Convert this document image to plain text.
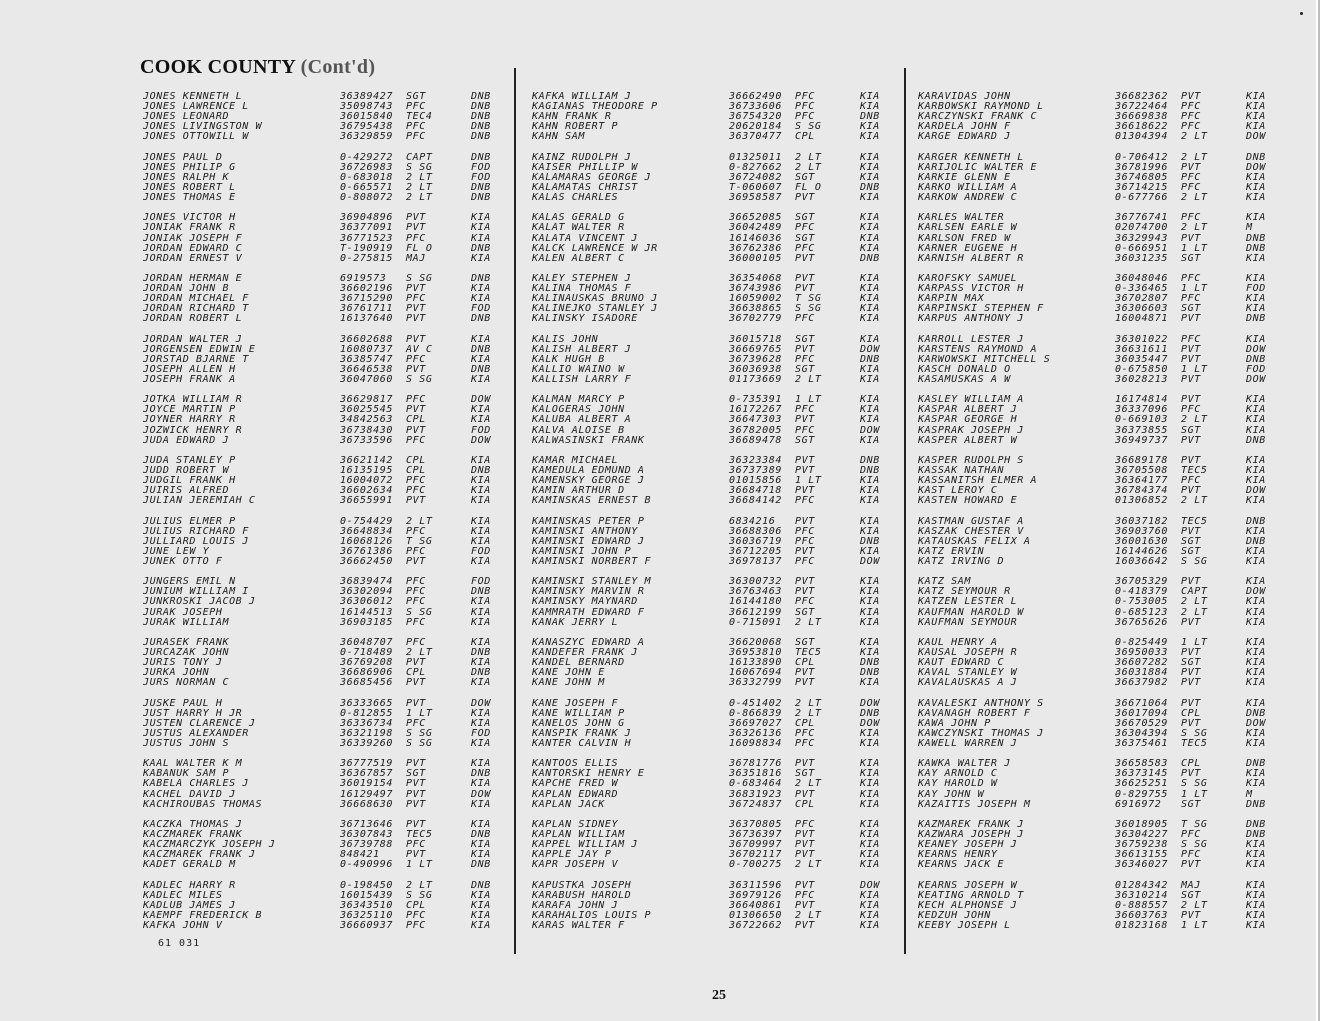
COOK COUNTY (Cont'd)
JONES KENNETH L	36389427 SGT	DNB
JONES LAWRENCE L	35098743 PFC	DNB
JONES LEONARD	36015840 TEC4	DNB
JONES LIVINGSTON W	36795438 PFC	DNB
JONES OTTOWILL W	36329859 PFC	DNB
JONES PAUL D	0-429272 CAPT	DNB
JONES PHILIP G	36726983 S SG	FOD
JONES RALPH K	0-683018 2 LT	FOD
JONES ROBERT L	0-665571 2 LT	DNB
JONES THOMAS E	0-808072 2 LT	DNB
JONES VICTOR H	36904896 PVT	KIA
JONIAK FRANK R	36377091 PVT	KIA
JONIAK JOSEPH F	36771523 PFC	KIA
JORDAN EDWARD C	T-190919 FL O	DNB
JORDAN ERNEST V	0-275815 MAJ	KIA
JORDAN HERMAN E	6919573 S SG	DNB
JORDAN JOHN B	36602196 PVT	KIA
JORDAN MICHAEL F	36715290 PFC	KIA
JORDAN RICHARD T	36761711 PVT	FOD
JORDAN ROBERT L	16137640 PVT	DNB
JORDAN WALTER J	36602688 PVT	KIA
JORGENSEN EDWIN E	16080737 AV C	DNB
JORSTAD BJARNE T	36385747 PFC	KIA
JOSEPH ALLEN H	36646538 PVT	DNB
JOSEPH FRANK A	36047060 S SG	KIA
JOTKA WILLIAM R	36629817 PFC	DOW
JOYCE MARTIN P	36025545 PVT	KIA
JOYNER HARRY R	34842563 CPL	KIA
JOZWICK HENRY R	36738430 PVT	FOD
JUDA EDWARD J	36733596 PFC	DOW
JUDA STANLEY P	36621142 CPL	KIA
JUDD ROBERT W	16135195 CPL	DNB
JUDGIL FRANK H	16004072 PFC	KIA
JUIRIS ALFRED	36602634 PFC	KIA
JULIAN JEREMIAH C	36655991 PVT	KIA
JULIUS ELMER P	0-754429 2 LT	KIA
JULIUS RICHARD F	36648834 PFC	KIA
JULLIARD LOUIS J	16068126 T SG	KIA
JUNE LEW Y	36761386 PFC	FOD
JUNEK OTTO F	36662450 PVT	KIA
JUNGERS EMIL N	36839474 PFC	FOD
JUNIUM WILLIAM I	36302094 PFC	DNB
JUNKROSKI JACOB J	36306012 PFC	KIA
JURAK JOSEPH	16144513 S SG	KIA
JURAK WILLIAM	36903185 PFC	KIA
JURASEK FRANK	36048707 PFC	KIA
JURCAZAK JOHN	0-718489 2 LT	DNB
JURIS TONY J	36769208 PVT	KIA
JURKA JOHN	36686906 CPL	DNB
JURS NORMAN C	36685456 PVT	KIA
JUSKE PAUL H	36333665 PVT	DOW
JUST HARRY H JR	0-812855 1 LT	KIA
JUSTEN CLARENCE J	36336734 PFC	KIA
JUSTUS ALEXANDER	36321198 S SG	FOD
JUSTUS JOHN S	36339260 S SG	KIA
KAAL WALTER K M	36777519 PVT	KIA
KABANUK SAM P	36367857 SGT	DNB
KABELA CHARLES J	36019154 PVT	KIA
KACHEL DAVID J	16129497 PVT	DOW
KACHIROUBAS THOMAS	36668630 PVT	KIA
KACZKA THOMAS J	36713646 PVT	KIA
KACZMAREK FRANK	36307843 TEC5	DNB
KACZMARCZYK JOSEPH J	36739788 PFC	KIA
KACZMAREK FRANK J	848421	PVT	KIA
KADET GERALD M	0-490996 1 LT	DNB
KADLEC HARRY R	0-198450 2 LT	DNB
KADLEC MILES	16015439 S SG	KIA
KADLUB JAMES J	36343510 CPL	KIA
KAEMPF FREDERICK B	36325110 PFC	KIA
KAFKA JOHN V	36660937 PFC	KIA
KAFKA WILLIAM J	36662490 PFC	KIA
KAGIANAS THEODORE P	36733606 PFC	KIA
KAHN FRANK R	36754320 PFC	DNB
KAHN ROBERT P	20620184 S SG	KIA
KAHN SAM	36370477 CPL	KIA
KAINZ RUDOLPH J	01325011 2 LT	KIA
KAISER PHILLIP W	0-827662 2 LT	KIA
KALAMARAS GEORGE J	36724082 SGT	KIA
KALAMATAS CHRIST	T-060607 FL O	DNB
KALAS CHARLES	36958587 PVT	KIA
KALAS GERALD G	36652085 SGT	KIA
KALAT WALTER R	36042489 PFC	KIA
KALATA VINCENT J	16146036 SGT	KIA
KALCK LAWRENCE W JR	36762386 PFC	KIA
KALEN ALBERT C	36000105 PVT	DNB
KALEY STEPHEN J	36354068 PVT	KIA
KALINA THOMAS F	36743986 PVT	KIA
KALINAUSKAS BRUNO J	16059002 T SG	KIA
KALINEJKO STANLEY J	36638865 S SG	KIA
KALINSKY ISADORE	36702779 PFC	KIA
KALIS JOHN	36015718 SGT	KIA
KALISH ALBERT J	36669765 PVT	DOW
KALK HUGH B	36739628 PFC	DNB
KALLIO WAINO W	36036938 SGT	KIA
KALLISH LARRY F	01173669 2 LT	KIA
KALMAN MARCY P	0-735391 1 LT	KIA
KALOGERAS JOHN	16172267 PFC	KIA
KALUBA ALBERT A	36647303 PVT	KIA
KALVA ALOISE B	36782005 PFC	DOW
KALWASINSKI FRANK	36689478 SGT	KIA
KAMAR MICHAEL	36323384 PVT	DNB
KAMEDULA EDMUND A	36737389 PVT	DNB
KAMENSKY GEORGE J	01015856 1 LT	KIA
KAMIN ARTHUR D	36684718 PVT	KIA
KAMINSKAS ERNEST B	36684142 PFC	KIA
KAMINSKAS PETER P	6834216 PVT	KIA
KAMINSKI ANTHONY	36688306 PFC	KIA
KAMINSKI EDWARD J	36036719 PFC	DNB
KAMINSKI JOHN P	36712205 PVT	KIA
KAMINSKI NORBERT F	36978137 PFC	DOW
KAMINSKI STANLEY M	36300732 PVT	KIA
KAMINSKY MARVIN R	36763463 PVT	KIA
KAMINSKY MAYNARD	16144180 PFC	KIA
KAMMRATH EDWARD F	36612199 SGT	KIA
KANAK JERRY L	0-715091 2 LT	KIA
KANASZYC EDWARD A	36620068 SGT	KIA
KANDEFER FRANK J	36953810 TEC5	KIA
KANDEL BERNARD	16133890 CPL	DNB
KANE JOHN E	16067694 PVT	DNB
KANE JOHN M	36332799 PVT	KIA
KANE JOSEPH F	0-451402 2 LT	DOW
KANE WILLIAM P	0-866839 2 LT	DNB
KANELOS JOHN G	36697027 CPL	DOW
KANSPIK FRANK J	36326136 PFC	KIA
KANTER CALVIN H	16098834 PFC	KIA
KANTOOS ELLIS	36781776 PVT	KIA
KANTORSKI HENRY E	36351816 SGT	KIA
KAPCHE FRED W	0-683464 2 LT	KIA
KAPLAN EDWARD	36831923 PVT	KIA
KAPLAN JACK	36724837 CPL	KIA
KAPLAN SIDNEY	36370805 PFC	KIA
KAPLAN WILLIAM	36736397 PVT	KIA
KAPPEL WILLIAM J	36709997 PVT	KIA
KAPPLE JAY P	36702117 PVT	KIA
KAPR JOSEPH V	0-700275 2 LT	KIA
KAPUSTKA JOSEPH	36311596 PVT	DOW
KARABUSH HAROLD	36979126 PFC	KIA
KARAFA JOHN J	36640861 PVT	KIA
KARAHALIOS LOUIS P	01306650 2 LT	KIA
KARAS WALTER F	36722662 PVT	KIA
KARAVIDAS JOHN	36682362 PVT	KIA
KARBOWSKI RAYMOND L	36722464 PFC	KIA
KARCZYNSKI FRANK C	36669838 PFC	KIA
KARDELA JOHN F	36618622 PFC	KIA
KARGE EDWARD J	01304394 2 LT	DOW
KARGER KENNETH L	0-706412 2 LT	DNB
KARIJOLIC WALTER E	36781996 PVT	DOW
KARKIE GLENN E	36746805 PFC	KIA
KARKO WILLIAM A	36714215 PFC	KIA
KARKOW ANDREW C	0-677766 2 LT	KIA
KARLES WALTER	36776741 PFC	KIA
KARLSEN EARLE W	02074700 2 LT	M
KARLSON FRED W	36329943 PVT	DNB
KARNER EUGENE H	0-666951 1 LT	DNB
KARNISH ALBERT R	36031235 SGT	KIA
KAROFSKY SAMUEL	36048046 PFC	KIA
KARPASS VICTOR H	0-336465 1 LT	FOD
KARPIN MAX	36702807 PFC	KIA
KARPINSKI STEPHEN F	36306603 SGT	KIA
KARPUS ANTHONY J	16004871 PVT	DNB
KARROLL LESTER J	36301022 PFC	KIA
KARSTENS RAYMOND A	36631611 PVT	DOW
KARWOWSKI MITCHELL S	36035447 PVT	DNB
KASCH DONALD O	0-675850 1 LT	FOD
KASAMUSKAS A W	36028213 PVT	DOW
KASLEY WILLIAM A	16174814 PVT	KIA
KASPAR ALBERT J	36337096 PFC	KIA
KASPAR GEORGE H	0-669103 2 LT	KIA
KASPRAK JOSEPH J	36373855 SGT	KIA
KASPER ALBERT W	36949737 PVT	DNB
KASPER RUDOLPH S	36689178 PVT	KIA
KASSAK NATHAN	36705508 TEC5	KIA
KASSANITSH ELMER A	36364177 PFC	KIA
KAST LEROY C	36784374 PVT	DOW
KASTEN HOWARD E	01306852 2 LT	KIA
KASTMAN GUSTAF A	36037182 TEC5	DNB
KASZAK CHESTER V	36903760 PVT	KIA
KATAUSKAS FELIX A	36001630 SGT	DNB
KATZ ERVIN	16144626 SGT	KIA
KATZ IRVING D	16036642 S SG	KIA
KATZ SAM	36705329 PVT	KIA
KATZ SEYMOUR R	0-418379 CAPT	DOW
KATZEN LESTER L	0-753005 2 LT	KIA
KAUFMAN HAROLD W	0-685123 2 LT	KIA
KAUFMAN SEYMOUR	36765626 PVT	KIA
KAUL HENRY A	0-825449 1 LT	KIA
KAUSAL JOSEPH R	36950033 PVT	KIA
KAUT EDWARD C	36607282 SGT	KIA
KAVAL STANLEY W	36031884 PVT	KIA
KAVALAUSKAS A J	36637982 PVT	KIA
KAVALESKI ANTHONY S	36671064 PVT	KIA
KAVANAGH ROBERT F	36017094 CPL	DNB
KAWA JOHN P	36670529 PVT	DOW
KAWCZYNSKI THOMAS J	36304394 S SG	KIA
KAWELL WARREN J	36375461 TEC5	KIA
KAWKA WALTER J	36658583 CPL	DNB
KAY ARNOLD C	36373145 PVT	KIA
KAY HAROLD W	36625251 S SG	KIA
KAY JOHN W	0-829755 1 LT	M
KAZAITIS JOSEPH M	6916972 SGT	DNB
KAZMAREK FRANK J	36018905 T SG	DNB
KAZWARA JOSEPH J	36304227 PFC	DNB
KEANEY JOSEPH J	36759238 S SG	KIA
KEARNS HENRY	36613155 PFC	KIA
KEARNS JACK E	36346027 PVT	KIA
KEARNS JOSEPH W	01284342 MAJ	KIA
KEATING ARNOLD T	36310214 SGT	KIA
KECH ALPHONSE J	0-888557 2 LT	KIA
KEDZUH JOHN	36603763 PVT	KIA
KEEBY JOSEPH L	01823168 1 LT	KIA
61 031
25
